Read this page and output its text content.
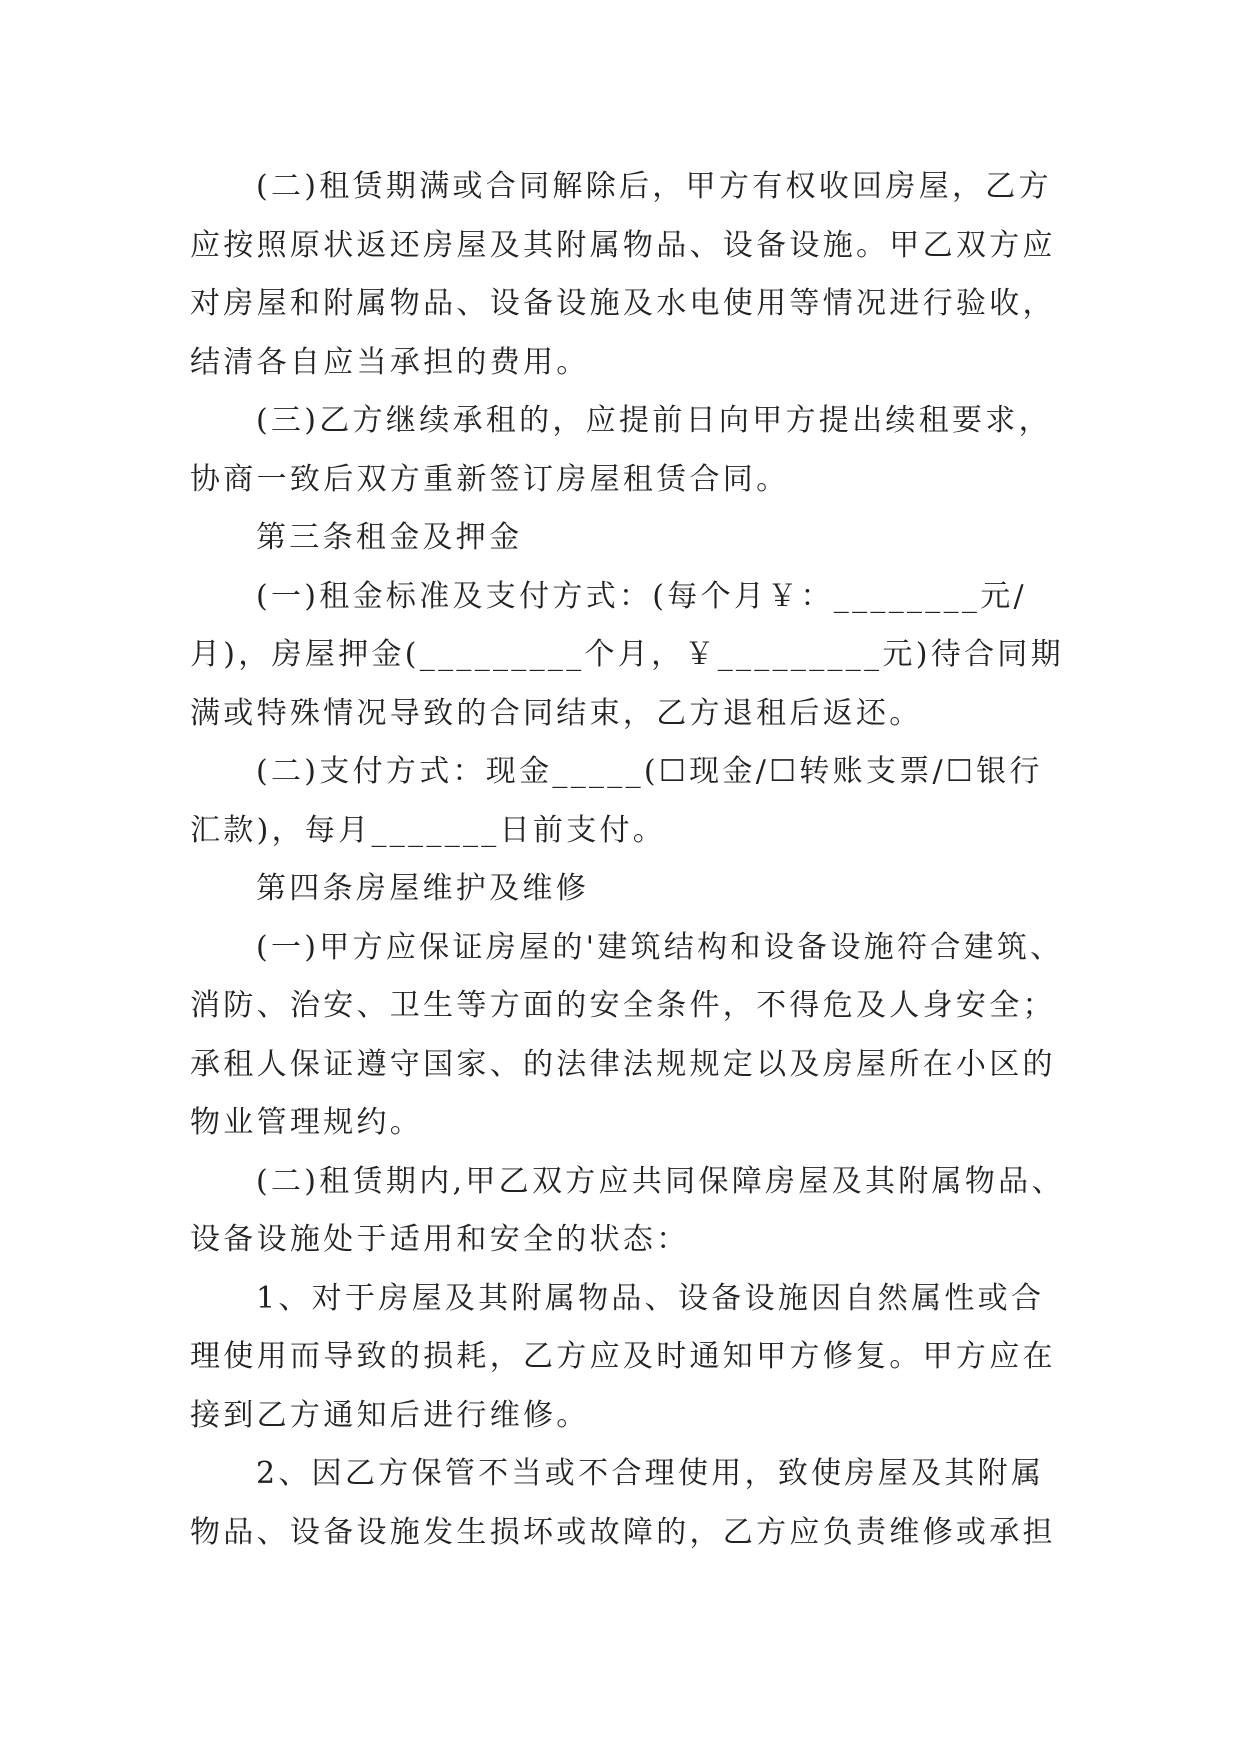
(二)租赁期满或合同解除后，甲方有权收回房屋，乙方
应按照原状返还房屋及其附属物品、设备设施。甲乙双方应
对房屋和附属物品、设备设施及水电使用等情况进行验收，
结清各自应当承担的费用。

(三)乙方继续承租的，应提前日向甲方提出续租要求，
协商一致后双方重新签订房屋租赁合同。

第三条租金及押金

(一)租金标准及支付方式：(每个月￥：________元/
月)，房屋押金(_________个月，￥_________元)待合同期
满或特殊情况导致的合同结束，乙方退租后返还。

(二)支付方式：现金_____(☐现金/☐转账支票/☐银行
汇款)，每月_______日前支付。

第四条房屋维护及维修

(一)甲方应保证房屋的'建筑结构和设备设施符合建筑、
消防、治安、卫生等方面的安全条件，不得危及人身安全；
承租人保证遵守国家、的法律法规规定以及房屋所在小区的
物业管理规约。

(二)租赁期内,甲乙双方应共同保障房屋及其附属物品、
设备设施处于适用和安全的状态：

1、对于房屋及其附属物品、设备设施因自然属性或合
理使用而导致的损耗，乙方应及时通知甲方修复。甲方应在
接到乙方通知后进行维修。

2、因乙方保管不当或不合理使用，致使房屋及其附属
物品、设备设施发生损坏或故障的，乙方应负责维修或承担
